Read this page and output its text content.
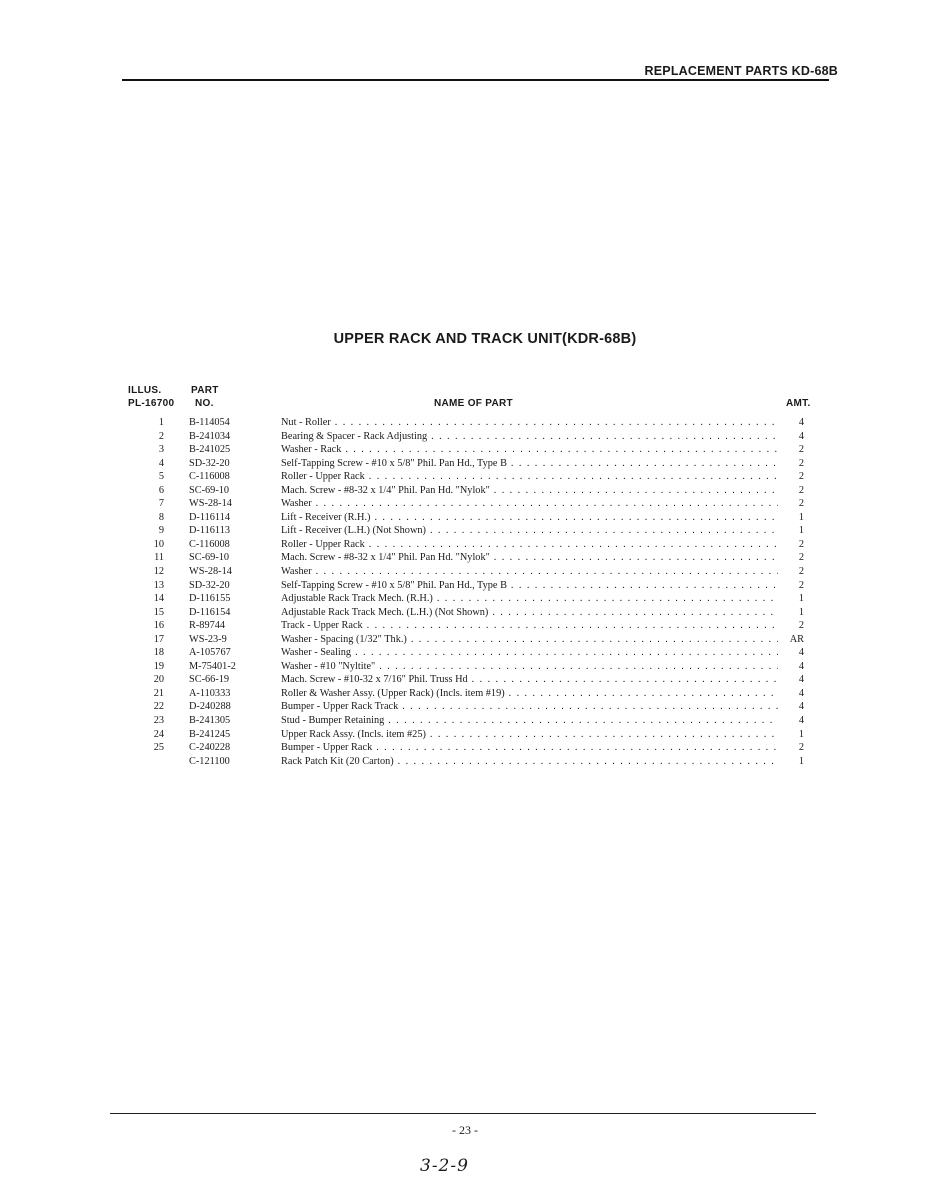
REPLACEMENT PARTS KD-68B
UPPER RACK AND TRACK UNIT(KDR-68B)
ILLUS.
PL-16700
PART
NO.	NAME OF PART	AMT.
1 B-114054	Nut - Roller . . .	4
2 B-241034	Bearing & Spacer - Rack Adjusting . . .	4
3 B-241025	Washer - Rack . . .	2
4 SD-32-20	Self-Tapping Screw - #10 x 5/8" Phil. Pan Hd., Type B . . .	2
5 C-116008	Roller - Upper Rack . . .	2
6 SC-69-10	Mach. Screw - #8-32 x 1/4" Phil. Pan Hd. "Nylok" . . .	2
7 WS-28-14	Washer . . .	2
8 D-116114	Lift - Receiver (R.H.) . . .	1
9 D-116113	Lift - Receiver (L.H.) (Not Shown) . . .	1
10 C-116008	Roller - Upper Rack . . .	2
11 SC-69-10	Mach. Screw - #8-32 x 1/4" Phil. Pan Hd. "Nylok" . . .	2
12 WS-28-14	Washer . . .	2
13 SD-32-20	Self-Tapping Screw - #10 x 5/8" Phil. Pan Hd., Type B . . .	2
14 D-116155	Adjustable Rack Track Mech. (R.H.) . . .	1
15 D-116154	Adjustable Rack Track Mech. (L.H.) (Not Shown) . . .	1
16 R-89744	Track - Upper Rack . . .	2
17 WS-23-9	Washer - Spacing (1/32" Thk.) . . .	AR
18 A-105767	Washer - Sealing . . .	4
19 M-75401-2	Washer - #10 "Nyltite" . . .	4
20 SC-66-19	Mach. Screw - #10-32 x 7/16" Phil. Truss Hd . . .	4
21 A-110333	Roller & Washer Assy. (Upper Rack) (Incls. item #19) . . .	4
22 D-240288	Bumper - Upper Rack Track . . .	4
23 B-241305	Stud - Bumper Retaining . . .	4
24 B-241245	Upper Rack Assy. (Incls. item #25) . . .	1
25 C-240228	Bumper - Upper Rack . . .	2
C-121100	Rack Patch Kit (20 Carton) . . .	1
- 23 -
3-2-9
